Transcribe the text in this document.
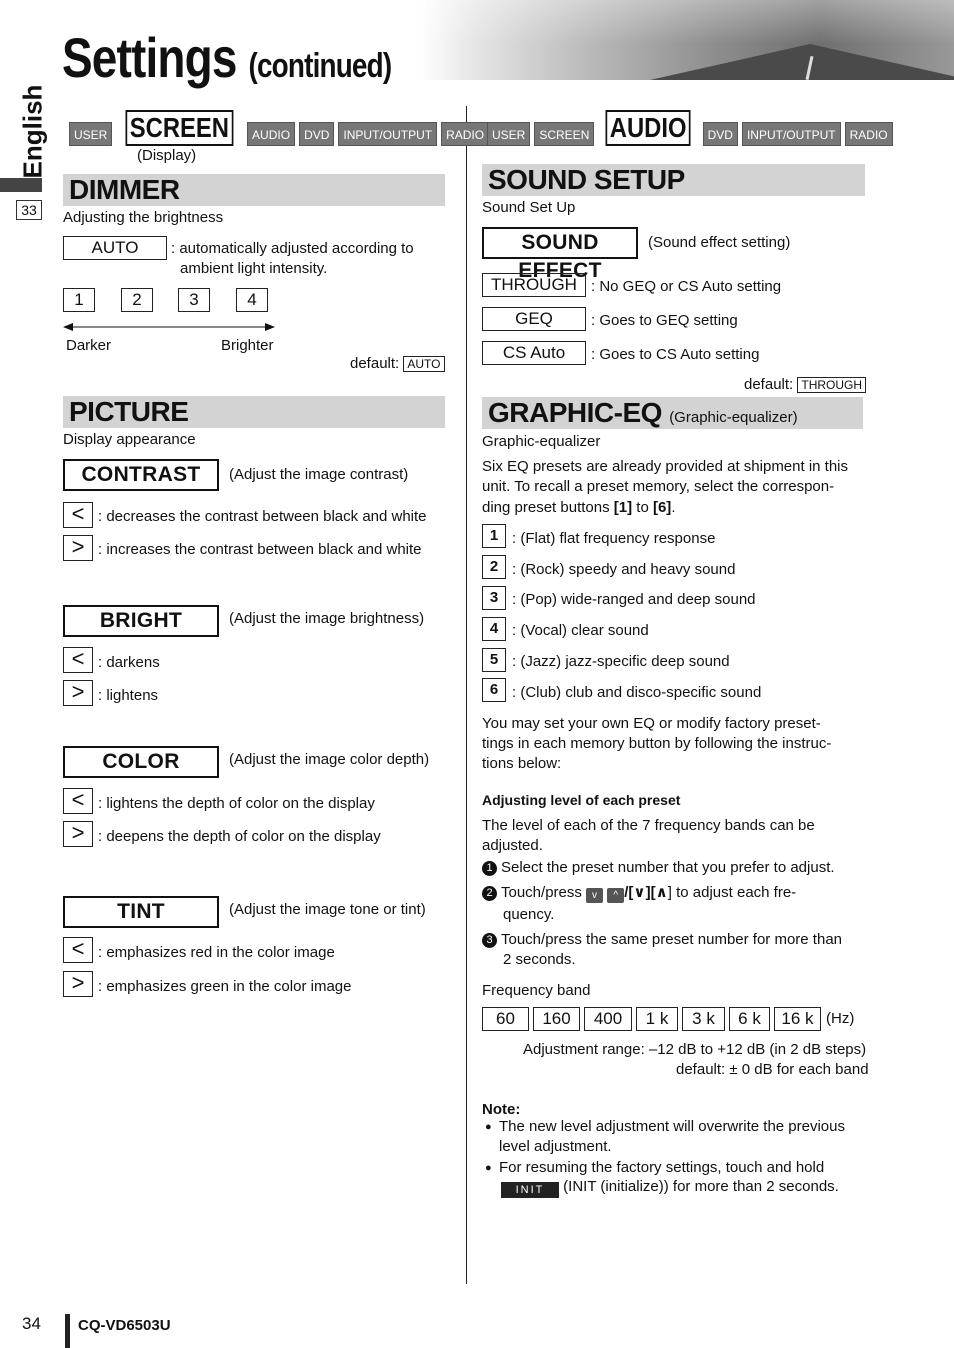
Settings (continued)
English
33
USER SCREEN	AUDIO	DVD	INPUT/OUTPUT	RADIO
(Display)
DIMMER
Adjusting the brightness
AUTO	: automatically adjusted according to
ambient light intensity.
1	2	3	4
Darker	Brighter
default: AUTO
PICTURE
Display appearance
CONTRAST	(Adjust the image contrast)
< : decreases the contrast between black and white
> : increases the contrast between black and white
BRIGHT	(Adjust the image brightness)
< : darkens
> : lightens
COLOR	(Adjust the image color depth)
< : lightens the depth of color on the display
> : deepens the depth of color on the display
TINT	(Adjust the image tone or tint)
< : emphasizes red in the color image
> : emphasizes green in the color image
USER	SCREEN AUDIO	DVD	INPUT/OUTPUT	RADIO
SOUND SETUP
Sound Set Up
SOUND EFFECT
(Sound effect setting)
THROUGH : No GEQ or CS Auto setting
GEQ	: Goes to GEQ setting
CS Auto	: Goes to CS Auto setting
default: THROUGH
GRAPHIC-EQ (Graphic-equalizer)
Graphic-equalizer
Six EQ presets are already provided at shipment in this
unit. To recall a preset memory, select the correspon-
ding preset buttons [1] to [6].
1 : (Flat) flat frequency response
2 : (Rock) speedy and heavy sound
3 : (Pop) wide-ranged and deep sound
4 : (Vocal) clear sound
5 : (Jazz) jazz-specific deep sound
6 : (Club) club and disco-specific sound
You may set your own EQ or modify factory preset-
tings in each memory button by following the instruc-
tions below:
Adjusting level of each preset
The level of each of the 7 frequency bands can be
adjusted.
1 Select the preset number that you prefer to adjust.
2 Touch/press v ^ /[∨][∧] to adjust each fre-
quency.
3 Touch/press the same preset number for more than
2 seconds.
Frequency band
60	160	400	1 k	3 k	6 k	16 k (Hz)
Adjustment range: –12 dB to +12 dB (in 2 dB steps)
default: ± 0 dB for each band
Note:
● The new level adjustment will overwrite the previous
level adjustment.
● For resuming the factory settings, touch and hold
INIT (INIT (initialize)) for more than 2 seconds.
34 CQ-VD6503U
